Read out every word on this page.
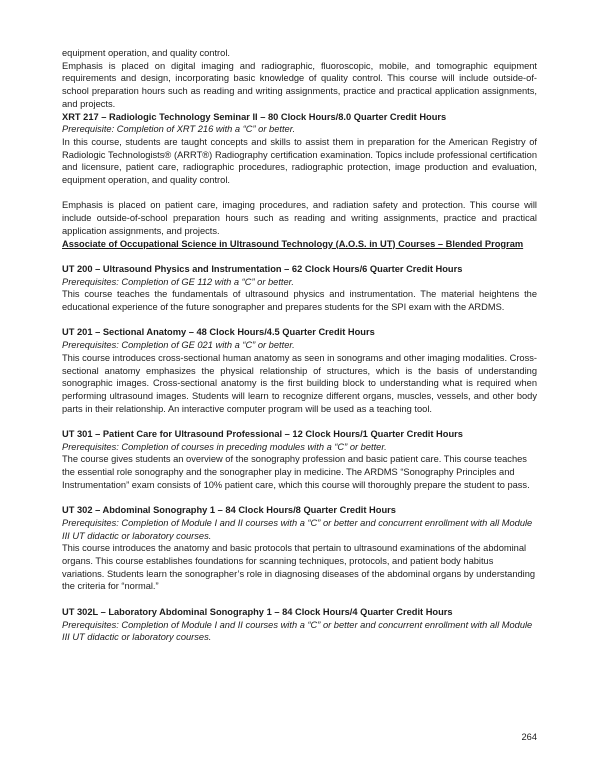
equipment operation, and quality control.

Emphasis is placed on digital imaging and radiographic, fluoroscopic, mobile, and tomographic equipment requirements and design, incorporating basic knowledge of quality control. This course will include outside-of-school preparation hours such as reading and writing assignments, practice and practical application assignments, and projects.

XRT 217 – Radiologic Technology Seminar II – 80 Clock Hours/8.0 Quarter Credit Hours

Prerequisite: Completion of XRT 216 with a “C” or better.

In this course, students are taught concepts and skills to assist them in preparation for the American Registry of Radiologic Technologists® (ARRT®) Radiography certification examination. Topics include professional certification and licensure, patient care, radiographic procedures, radiographic protection, image production and evaluation, equipment operation, and quality control.

Emphasis is placed on patient care, imaging procedures, and radiation safety and protection. This course will include outside-of-school preparation hours such as reading and writing assignments, practice and practical application assignments, and projects.

Associate of Occupational Science in Ultrasound Technology (A.O.S. in UT) Courses – Blended Program

UT 200 – Ultrasound Physics and Instrumentation – 62 Clock Hours/6 Quarter Credit Hours

Prerequisites: Completion of GE 112 with a “C” or better.

This course teaches the fundamentals of ultrasound physics and instrumentation. The material heightens the educational experience of the future sonographer and prepares students for the SPI exam with the ARDMS.

UT 201 – Sectional Anatomy – 48 Clock Hours/4.5 Quarter Credit Hours

Prerequisites: Completion of GE 021 with a “C” or better.

This course introduces cross-sectional human anatomy as seen in sonograms and other imaging modalities. Cross-sectional anatomy emphasizes the physical relationship of structures, which is the basis of understanding sonographic images. Cross-sectional anatomy is the first building block to understanding what is required when performing ultrasound images. Students will learn to recognize different organs, muscles, vessels, and other body parts in their relationship. An interactive computer program will be used as a teaching tool.

UT 301 – Patient Care for Ultrasound Professional – 12 Clock Hours/1 Quarter Credit Hours

Prerequisites: Completion of courses in preceding modules with a “C” or better.

The course gives students an overview of the sonography profession and basic patient care. This course teaches the essential role sonography and the sonographer play in medicine. The ARDMS “Sonography Principles and Instrumentation” exam consists of 10% patient care, which this course will thoroughly prepare the student to pass.

UT 302 – Abdominal Sonography 1 – 84 Clock Hours/8 Quarter Credit Hours

Prerequisites: Completion of Module I and II courses with a “C” or better and concurrent enrollment with all Module III UT didactic or laboratory courses.

This course introduces the anatomy and basic protocols that pertain to ultrasound examinations of the abdominal organs. This course establishes foundations for scanning techniques, protocols, and patient body habitus variations. Students learn the sonographer’s role in diagnosing diseases of the abdominal organs by understanding the criteria for “normal.”

UT 302L – Laboratory Abdominal Sonography 1 – 84 Clock Hours/4 Quarter Credit Hours

Prerequisites: Completion of Module I and II courses with a “C” or better and concurrent enrollment with all Module III UT didactic or laboratory courses.

264
